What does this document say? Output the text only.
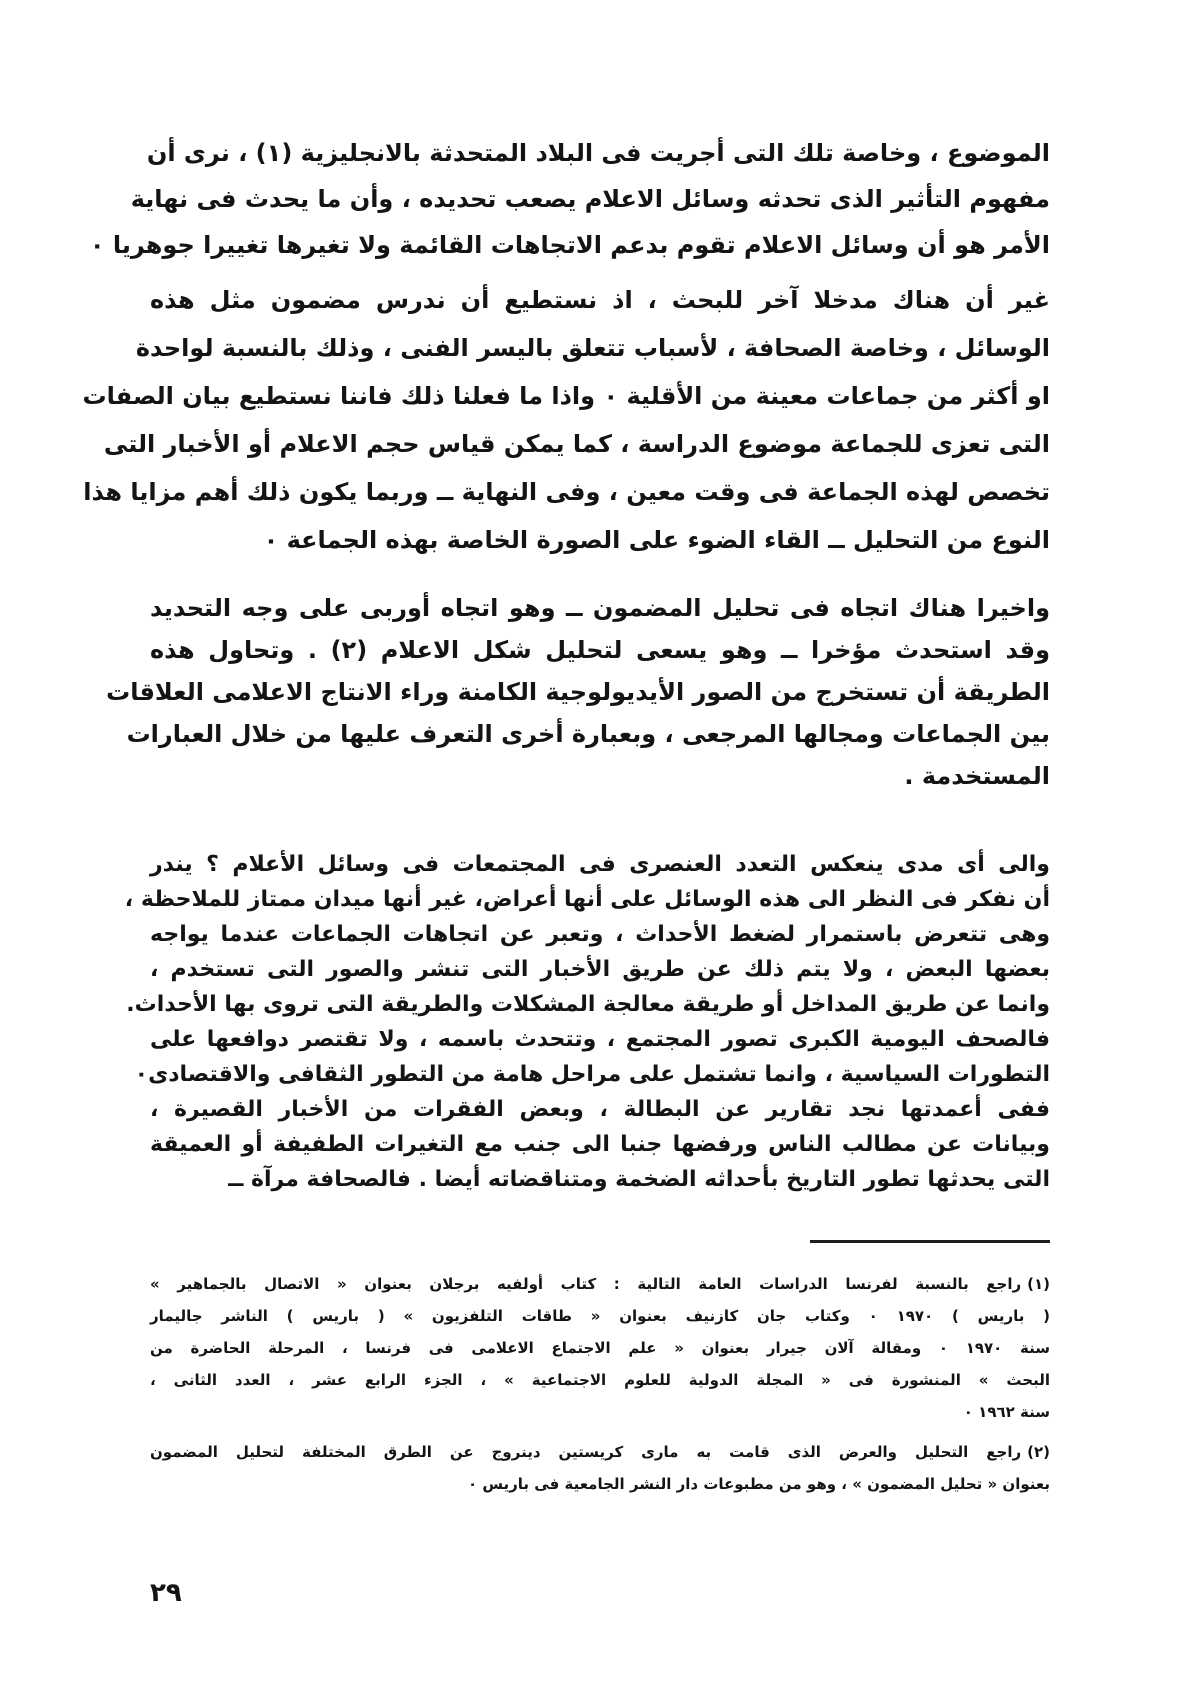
الموضوع ، وخاصة تلك التى أجريت فى البلاد المتحدثة بالانجليزية (١) ، نرى أن
مفهوم التأثير الذى تحدثه وسائل الاعلام يصعب تحديده ، وأن ما يحدث فى نهاية
الأمر هو أن وسائل الاعلام تقوم بدعم الاتجاهات القائمة ولا تغيرها تغييرا جوهريا ٠
غير أن هناك مدخلا آخر للبحث ، اذ نستطيع أن ندرس مضمون مثل هذه
الوسائل ، وخاصة الصحافة ، لأسباب تتعلق باليسر الفنى ، وذلك بالنسبة لواحدة
او أكثر من جماعات معينة من الأقلية ٠ واذا ما فعلنا ذلك فاننا نستطيع بيان الصفات
التى تعزى للجماعة موضوع الدراسة ، كما يمكن قياس حجم الاعلام أو الأخبار التى
تخصص لهذه الجماعة فى وقت معين ، وفى النهاية ــ وربما يكون ذلك أهم مزايا هذا
النوع من التحليل ــ القاء الضوء على الصورة الخاصة بهذه الجماعة ٠
واخيرا هناك اتجاه فى تحليل المضمون ــ وهو اتجاه أوربى على وجه التحديد
وقد استحدث مؤخرا ــ وهو يسعى لتحليل شكل الاعلام (٢) . وتحاول هذه
الطريقة أن تستخرج من الصور الأيديولوجية الكامنة وراء الانتاج الاعلامى العلاقات
بين الجماعات ومجالها المرجعى ، وبعبارة أخرى التعرف عليها من خلال العبارات
المستخدمة .
والى أى مدى ينعكس التعدد العنصرى فى المجتمعات فى وسائل الأعلام ؟ يندر
أن نفكر فى النظر الى هذه الوسائل على أنها أعراض، غير أنها ميدان ممتاز للملاحظة ،
وهى تتعرض باستمرار لضغط الأحداث ، وتعبر عن اتجاهات الجماعات عندما يواجه
بعضها البعض ، ولا يتم ذلك عن طريق الأخبار التى تنشر والصور التى تستخدم ،
وانما عن طريق المداخل أو طريقة معالجة المشكلات والطريقة التى تروى بها الأحداث.
فالصحف اليومية الكبرى تصور المجتمع ، وتتحدث باسمه ، ولا تقتصر دوافعها على
التطورات السياسية ، وانما تشتمل على مراحل هامة من التطور الثقافى والاقتصادى٠
ففى أعمدتها نجد تقارير عن البطالة ، وبعض الفقرات من الأخبار القصيرة ،
وبيانات عن مطالب الناس ورفضها جنبا الى جنب مع التغيرات الطفيفة أو العميقة
التى يحدثها تطور التاريخ بأحداثه الضخمة ومتناقضاته أيضا . فالصحافة مرآة ــ
(١)راجع بالنسبة لفرنسا الدراسات العامة التالية : كتاب أولفيه برجلان بعنوان « الاتصال بالجماهير »
( باريس ) ١٩٧٠ ٠ وكتاب جان كازنيف بعنوان « طاقات التلفزيون » ( باريس ) الناشر جاليمار
سنة ١٩٧٠ ٠ ومقالة آلان جيرار بعنوان « علم الاجتماع الاعلامى فى فرنسا ، المرحلة الحاضرة من
البحث » المنشورة فى « المجلة الدولية للعلوم الاجتماعية » ، الجزء الرابع عشر ، العدد الثانى ،
سنة ١٩٦٢ ٠
(٢)راجع التحليل والعرض الذى قامت به مارى كريستين دينروج عن الطرق المختلفة لتحليل المضمون
بعنوان « تحليل المضمون » ، وهو من مطبوعات دار النشر الجامعية فى باريس ٠
٢٩
